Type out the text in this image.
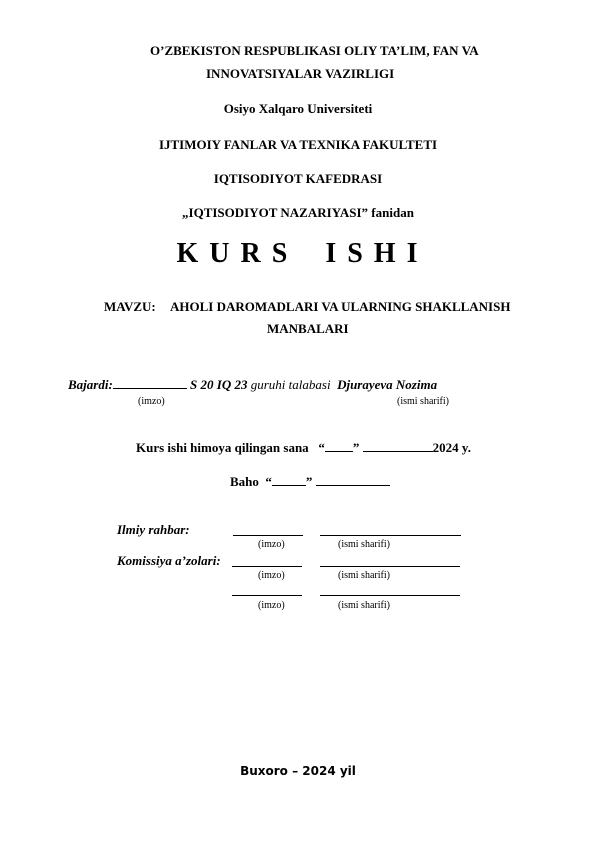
O’ZBEKISTON RESPUBLIKASI OLIY TA’LIM, FAN VA
INNOVATSIYALAR VAZIRLIGI
Osiyo Xalqaro Universiteti
IJTIMOIY FANLAR VA TEXNIKA FAKULTETI
IQTISODIYOT KAFEDRASI
„IQTISODIYOT NAZARIYASI” fanidan
K U R S    I S H I
MAVZU: AHOLI DAROMADLARI VA ULARNING SHAKLLANISH
MANBALARI
Bajardi:	S 20 IQ 23 guruhi talabasi Djurayeva Nozima
(imzo)	(ismi sharifi)
Kurs ishi himoya qilingan sana   “ ”	2024 y.
Baho  “	”
Ilmiy rahbar:
(imzo)	(ismi sharifi)
Komissiya a’zolari:
(imzo)	(ismi sharifi)
(imzo)	(ismi sharifi)
Buxoro – 2024 yil
